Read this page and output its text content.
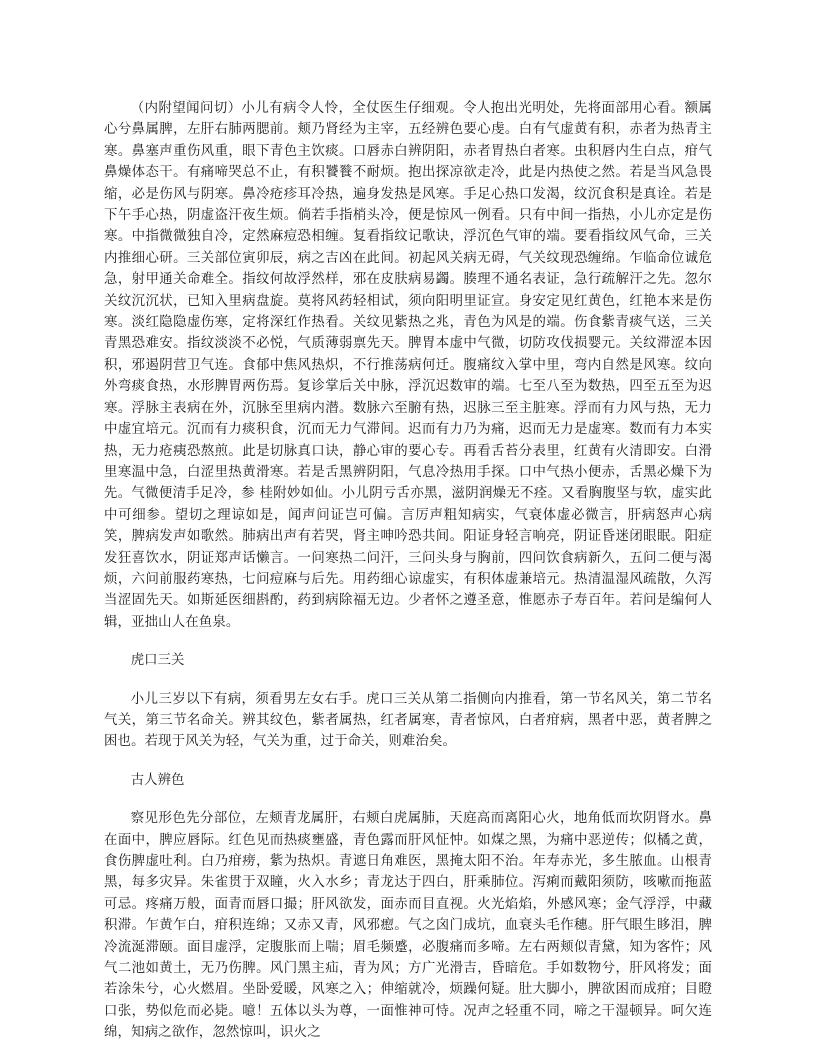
（内附望闻问切）小儿有病令人怜，全仗医生仔细观。令人抱出光明处，先将面部用心看。额属心兮鼻属脾，左肝右肺两腮前。颊乃肾经为主宰，五经辨色要心虔。白有气虚黄有积，赤者为热青主寒。鼻塞声重伤风重，眼下青色主饮痰。口唇赤白辨阴阳，赤者胃热白者寒。虫积唇内生白点，疳气鼻燥体态干。有痛啼哭总不止，有积饕餮不耐烦。抱出探凉欲走冷，此是内热使之然。若是当风急畏缩，必是伤风与阴寒。鼻冷疮疹耳冷热，遍身发热是风寒。手足心热口发渴，纹沉食积是真诠。若是下午手心热，阴虚盗汗夜生烦。倘若手指梢头冷，便是惊风一例看。只有中间一指热，小儿亦定是伤寒。中指微微独自冷，定然麻痘恐相缠。复看指纹记歌诀，浮沉色气审的端。要看指纹风气命，三关内推细心研。三关部位寅卯辰，病之吉凶在此间。初起风关病无碍，气关纹现恐缠绵。乍临命位诚危急，射甲通关命难全。指纹何故浮然样，邪在皮肤病易蠲。腠理不通名表证，急行疏解汗之先。忽尔关纹沉沉状，已知入里病盘旋。莫将风药轻相试，须向阳明里证宣。身安定见红黄色，红艳本来是伤寒。淡红隐隐虚伤寒，定将深红作热看。关纹见紫热之兆，青色为风是的端。伤食紫青痰气送，三关青黑恐难安。指纹淡淡不必悦，气质薄弱禀先天。脾胃本虚中气微，切防攻伐损婴元。关纹滞涩本因积，邪遏阴营卫气连。食郁中焦风热炽，不行推荡病何迁。腹痛纹入掌中里，弯内自然是风寒。纹向外弯痰食热，水形脾胃两伤焉。复诊掌后关中脉，浮沉迟数审的端。七至八至为数热，四至五至为迟寒。浮脉主表病在外，沉脉至里病内潜。数脉六至腑有热，迟脉三至主脏寒。浮而有力风与热，无力中虚宜培元。沉而有力痰积食，沉而无力气滞间。迟而有力乃为痛，迟而无力是虚寒。数而有力本实热，无力疮痍恐熬煎。此是切脉真口诀，静心审的要心专。再看舌苔分表里，红黄有火清即安。白滑里寒温中急，白涩里热黄滑寒。若是舌黑辨阴阳，气息冷热用手探。口中气热小便赤，舌黑必燥下为先。气微便清手足冷，参 桂附妙如仙。小儿阴亏舌亦黑，滋阴润燥无不痊。又看胸腹坚与软，虚实此中可细参。望切之理谅如是，闻声问证岂可偏。言厉声粗知病实，气衰体虚必微言，肝病怒声心病笑，脾病发声如歌然。肺病出声有若哭，肾主呻吟恐共间。阳证身轻言响亮，阴证昏迷闭眼眠。阳症发狂喜饮水，阴证郑声话懒言。一问寒热二问汗，三问头身与胸前，四问饮食病新久，五问二便与渴烦，六问前服药寒热，七问痘麻与后先。用药细心谅虚实，有积体虚兼培元。热清温湿风疏散，久泻当涩固先天。如斯延医细斟酌，药到病除福无边。少者怀之遵圣意，惟愿赤子寿百年。若问是编何人辑，亚拙山人在鱼泉。

虎口三关

小儿三岁以下有病，须看男左女右手。虎口三关从第二指侧向内推看，第一节名风关，第二节名气关，第三节名命关。辨其纹色，紫者属热，红者属寒，青者惊风，白者疳病，黑者中恶，黄者脾之困也。若现于风关为轻，气关为重，过于命关，则难治矣。

古人辨色

察见形色先分部位，左颊青龙属肝，右颊白虎属肺，天庭高而离阳心火，地角低而坎阴肾水。鼻在面中，脾应唇际。红色见而热痰壅盛，青色露而肝风怔忡。如煤之黑，为痛中恶逆传；似橘之黄，食伤脾虚吐利。白乃疳痨，紫为热炽。青遮日角难医，黑掩太阳不治。年寿赤光，多生脓血。山根青黑，每多灾异。朱雀贯于双瞳，火入水乡；青龙达于四白，肝乘肺位。泻痢而戴阳须防，咳嗽而拖蓝可忌。疼痛万般，面青而唇口撮；肝风欲发，面赤而目直视。火光焰焰，外感风寒；金气浮浮，中藏积滞。乍黄乍白，疳积连绵；又赤又青，风邪瘛。气之囟门成坑，血衰头毛作穗。肝气眼生眵泪，脾冷流涎滞颐。面目虚浮，定腹胀而上喘；眉毛频蹙，必腹痛而多啼。左右两颊似青黛，知为客忤；风气二池如黄土，无乃伤脾。风门黑主疝，青为风；方广光滑吉，昏暗危。手如数物兮，肝风将发；面若涂朱兮，心火燃眉。坐卧爱暖，风寒之入；伸缩就冷，烦躁何疑。肚大脚小，脾欲困而成疳；目瞪口张，势似危而必毙。噫！五体以头为尊，一面惟神可恃。况声之轻重不同，啼之干湿顿异。呵欠连绵，知病之欲作，忽然惊叫，识火之
